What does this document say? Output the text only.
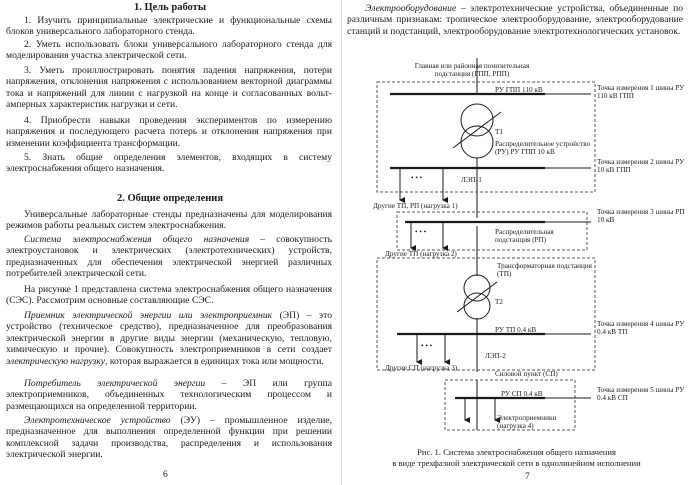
1. Цель работы

1. Изучить принципиальные электрические и функциональные схемы блоков универсального лабораторного стенда.

2. Уметь использовать блоки универсального лабораторного стенда для моделирования участка электрической сети.

3. Уметь проиллюстрировать понятия падения напряжения, потери напряжения, отклонения напряжения с использованием векторной диаграммы тока и напряжений для линии с нагрузкой на конце и согласованных вольт-амперных характеристик нагрузки и сети.

4. Приобрести навыки проведения экспериментов по измерению напряжения и последующего расчета потерь и отклонения напряжения при изменении коэффициента трансформации.

5. Знать общие определения элементов, входящих в систему электроснабжения общего назначения.

2. Общие определения

Универсальные лабораторные стенды предназначены для моделирования режимов работы реальных систем электроснабжения.

Система электроснабжения общего назначения – совокупность электроустановок и электрических (электротехнических) устройств, предназначенных для обеспечения электрической энергией различных потребителей электрической сети.

На рисунке 1 представлена система электроснабжения общего назначения (СЭС). Рассмотрим основные составляющие СЭС.

Приемник электрической энергии или электроприемник (ЭП) – это устройство (техническое средство), предназначенное для преобразования электрической энергии в другие виды энергии (механическую, тепловую, химическую и прочие). Совокупность электроприемников в сети создает электрическую нагрузку, которая выражается в единицах тока или мощности.

Потребитель электрической энергии – ЭП или группа электроприемников, объединенных технологическим процессом и размещающихся на определенной территории.

Электротехническое устройство (ЭУ) – промышленное изделие, предназначенное для выполнения определенной функции при решении комплексной задачи производства, распределения и использования электрической энергии.

6

Электрооборудование – электротехнические устройства, объединенные по различным признакам: тропическое электрооборудование, электрооборудование станций и подстанций, электрооборудование электротехнологических установок.

Главная или районная понизительная подстанция (ГПП, РПП)
РУ ГПП 110 кВ	Точка измерения 1 шины РУ 110 кВ ГПП
Т1
Распределительное устройство (РУ) РУ ГПП 10 кВ
Точка измерения 2 шины РУ 10 кВ ГПП
ЛЭП-1
• • •
Другие ТП, РП (нагрузка 1)
Точка измерения 3 шины РП 10 кВ
Распределительная подстанция (РП)
• • •
Другие ТП (нагрузка 2)
Трансформаторная подстанция (ТП)
Т2
РУ ТП 0.4 кВ
Точка измерения 4 шины РУ 0.4 кВ ТП
• • •
ЛЭП-2
Другие СП (нагрузка 3)
Силовой пункт (СП)
РУ СП 0.4 кВ	Точка измерения 5 шины РУ 0.4 кВ СП
Электроприемники (нагрузка 4)
Рис. 1. Система электроснабжения общего назначения
в виде трехфазной электрической сети в однолинейном исполнении
7
